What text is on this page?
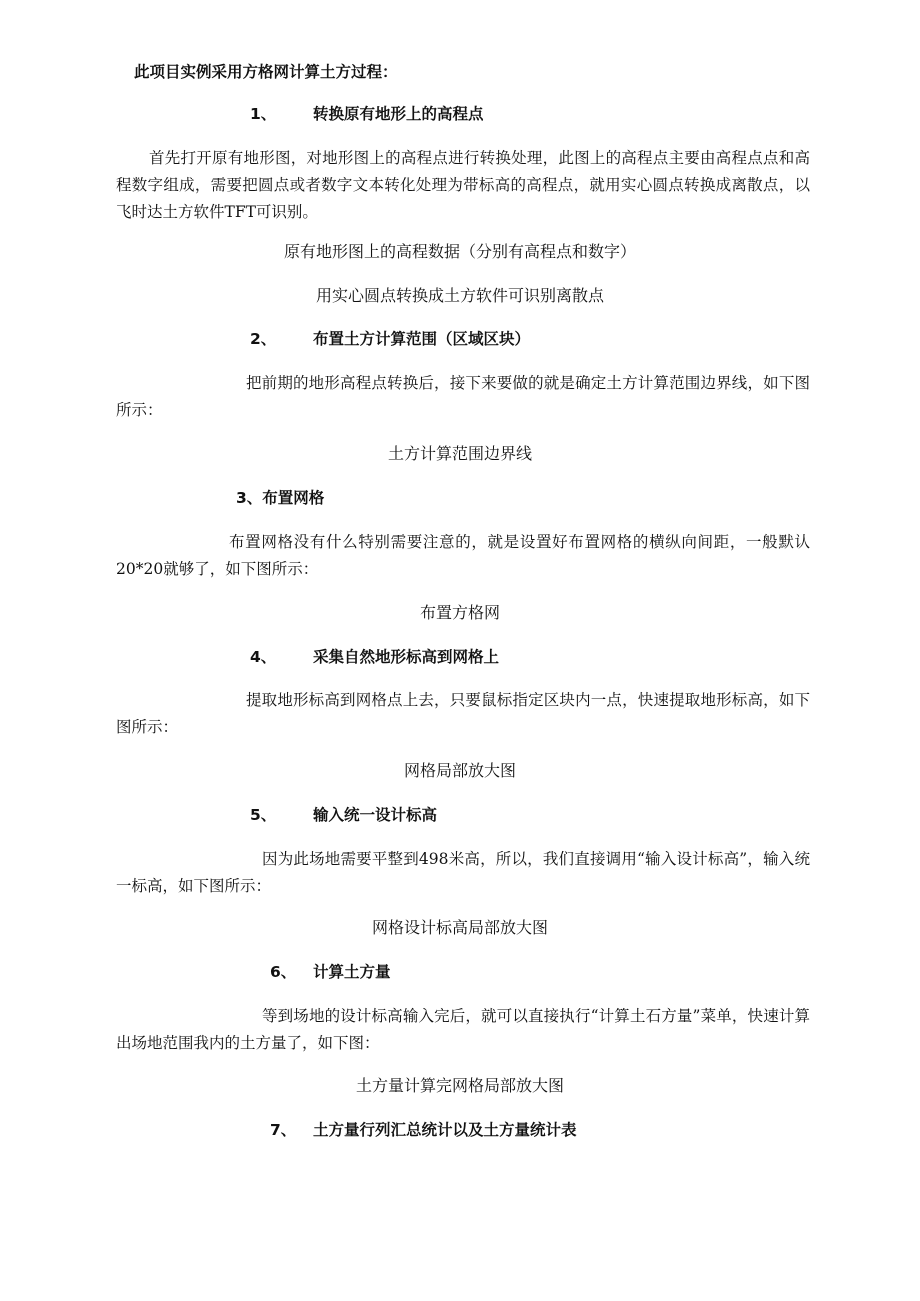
此项目实例采用方格网计算土方过程：
1、 转换原有地形上的高程点
首先打开原有地形图，对地形图上的高程点进行转换处理，此图上的高程点主要由高程点点和高程数字组成，需要把圆点或者数字文本转化处理为带标高的高程点，就用实心圆点转换成离散点，以飞时达土方软件TFT可识别。
原有地形图上的高程数据（分别有高程点和数字）
用实心圆点转换成土方软件可识别离散点
2、 布置土方计算范围（区域区块）
把前期的地形高程点转换后，接下来要做的就是确定土方计算范围边界线，如下图所示：
土方计算范围边界线
3、布置网格
布置网格没有什么特别需要注意的，就是设置好布置网格的横纵向间距，一般默认20*20就够了，如下图所示：
布置方格网
4、 采集自然地形标高到网格上
提取地形标高到网格点上去，只要鼠标指定区块内一点，快速提取地形标高，如下图所示：
网格局部放大图
5、 输入统一设计标高
因为此场地需要平整到498米高，所以，我们直接调用“输入设计标高”，输入统一标高，如下图所示：
网格设计标高局部放大图
6、 计算土方量
等到场地的设计标高输入完后，就可以直接执行“计算土石方量”菜单，快速计算出场地范围我内的土方量了，如下图：
土方量计算完网格局部放大图
7、 土方量行列汇总统计以及土方量统计表
